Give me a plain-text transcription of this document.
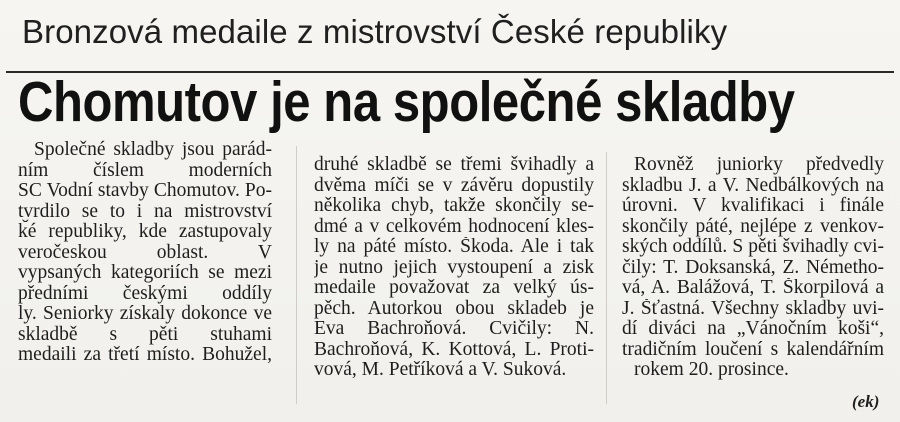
Bronzová medaile z mistrovství České republiky
Chomutov je na společné skladby
Společné skladby jsou parád-
ním číslem moderních
SC Vodní stavby Chomutov. Po-
tvrdilo se to i na mistrovství
ké republiky, kde zastupovaly
veročeskou oblast. V
vypsaných kategoriích se mezi
předními českými oddíly
ly. Seniorky získaly dokonce ve
skladbě s pěti stuhami
medaili za třetí místo. Bohužel,
druhé skladbě se třemi švihadly a
dvěma míči se v závěru dopustily
několika chyb, takže skončily se-
dmé a v celkovém hodnocení kles-
ly na páté místo. Škoda. Ale i tak
je nutno jejich vystoupení a zisk
medaile považovat za velký ús-
pěch. Autorkou obou skladeb je
Eva Bachroňová. Cvičily: N.
Bachroňová, K. Kottová, L. Proti-
vová, M. Petříková a V. Suková.
Rovněž juniorky předvedly
skladbu J. a V. Nedbálkových na
úrovni. V kvalifikaci i finále
skončily páté, nejlépe z venkov-
ských oddílů. S pěti švihadly cvi-
čily: T. Doksanská, Z. Németho-
vá, A. Balážová, T. Škorpilová a
J. Šťastná. Všechny skladby uvi-
dí diváci na „Vánočním koši“,
tradičním loučení s kalendářním
rokem 20. prosince.
(ek)
